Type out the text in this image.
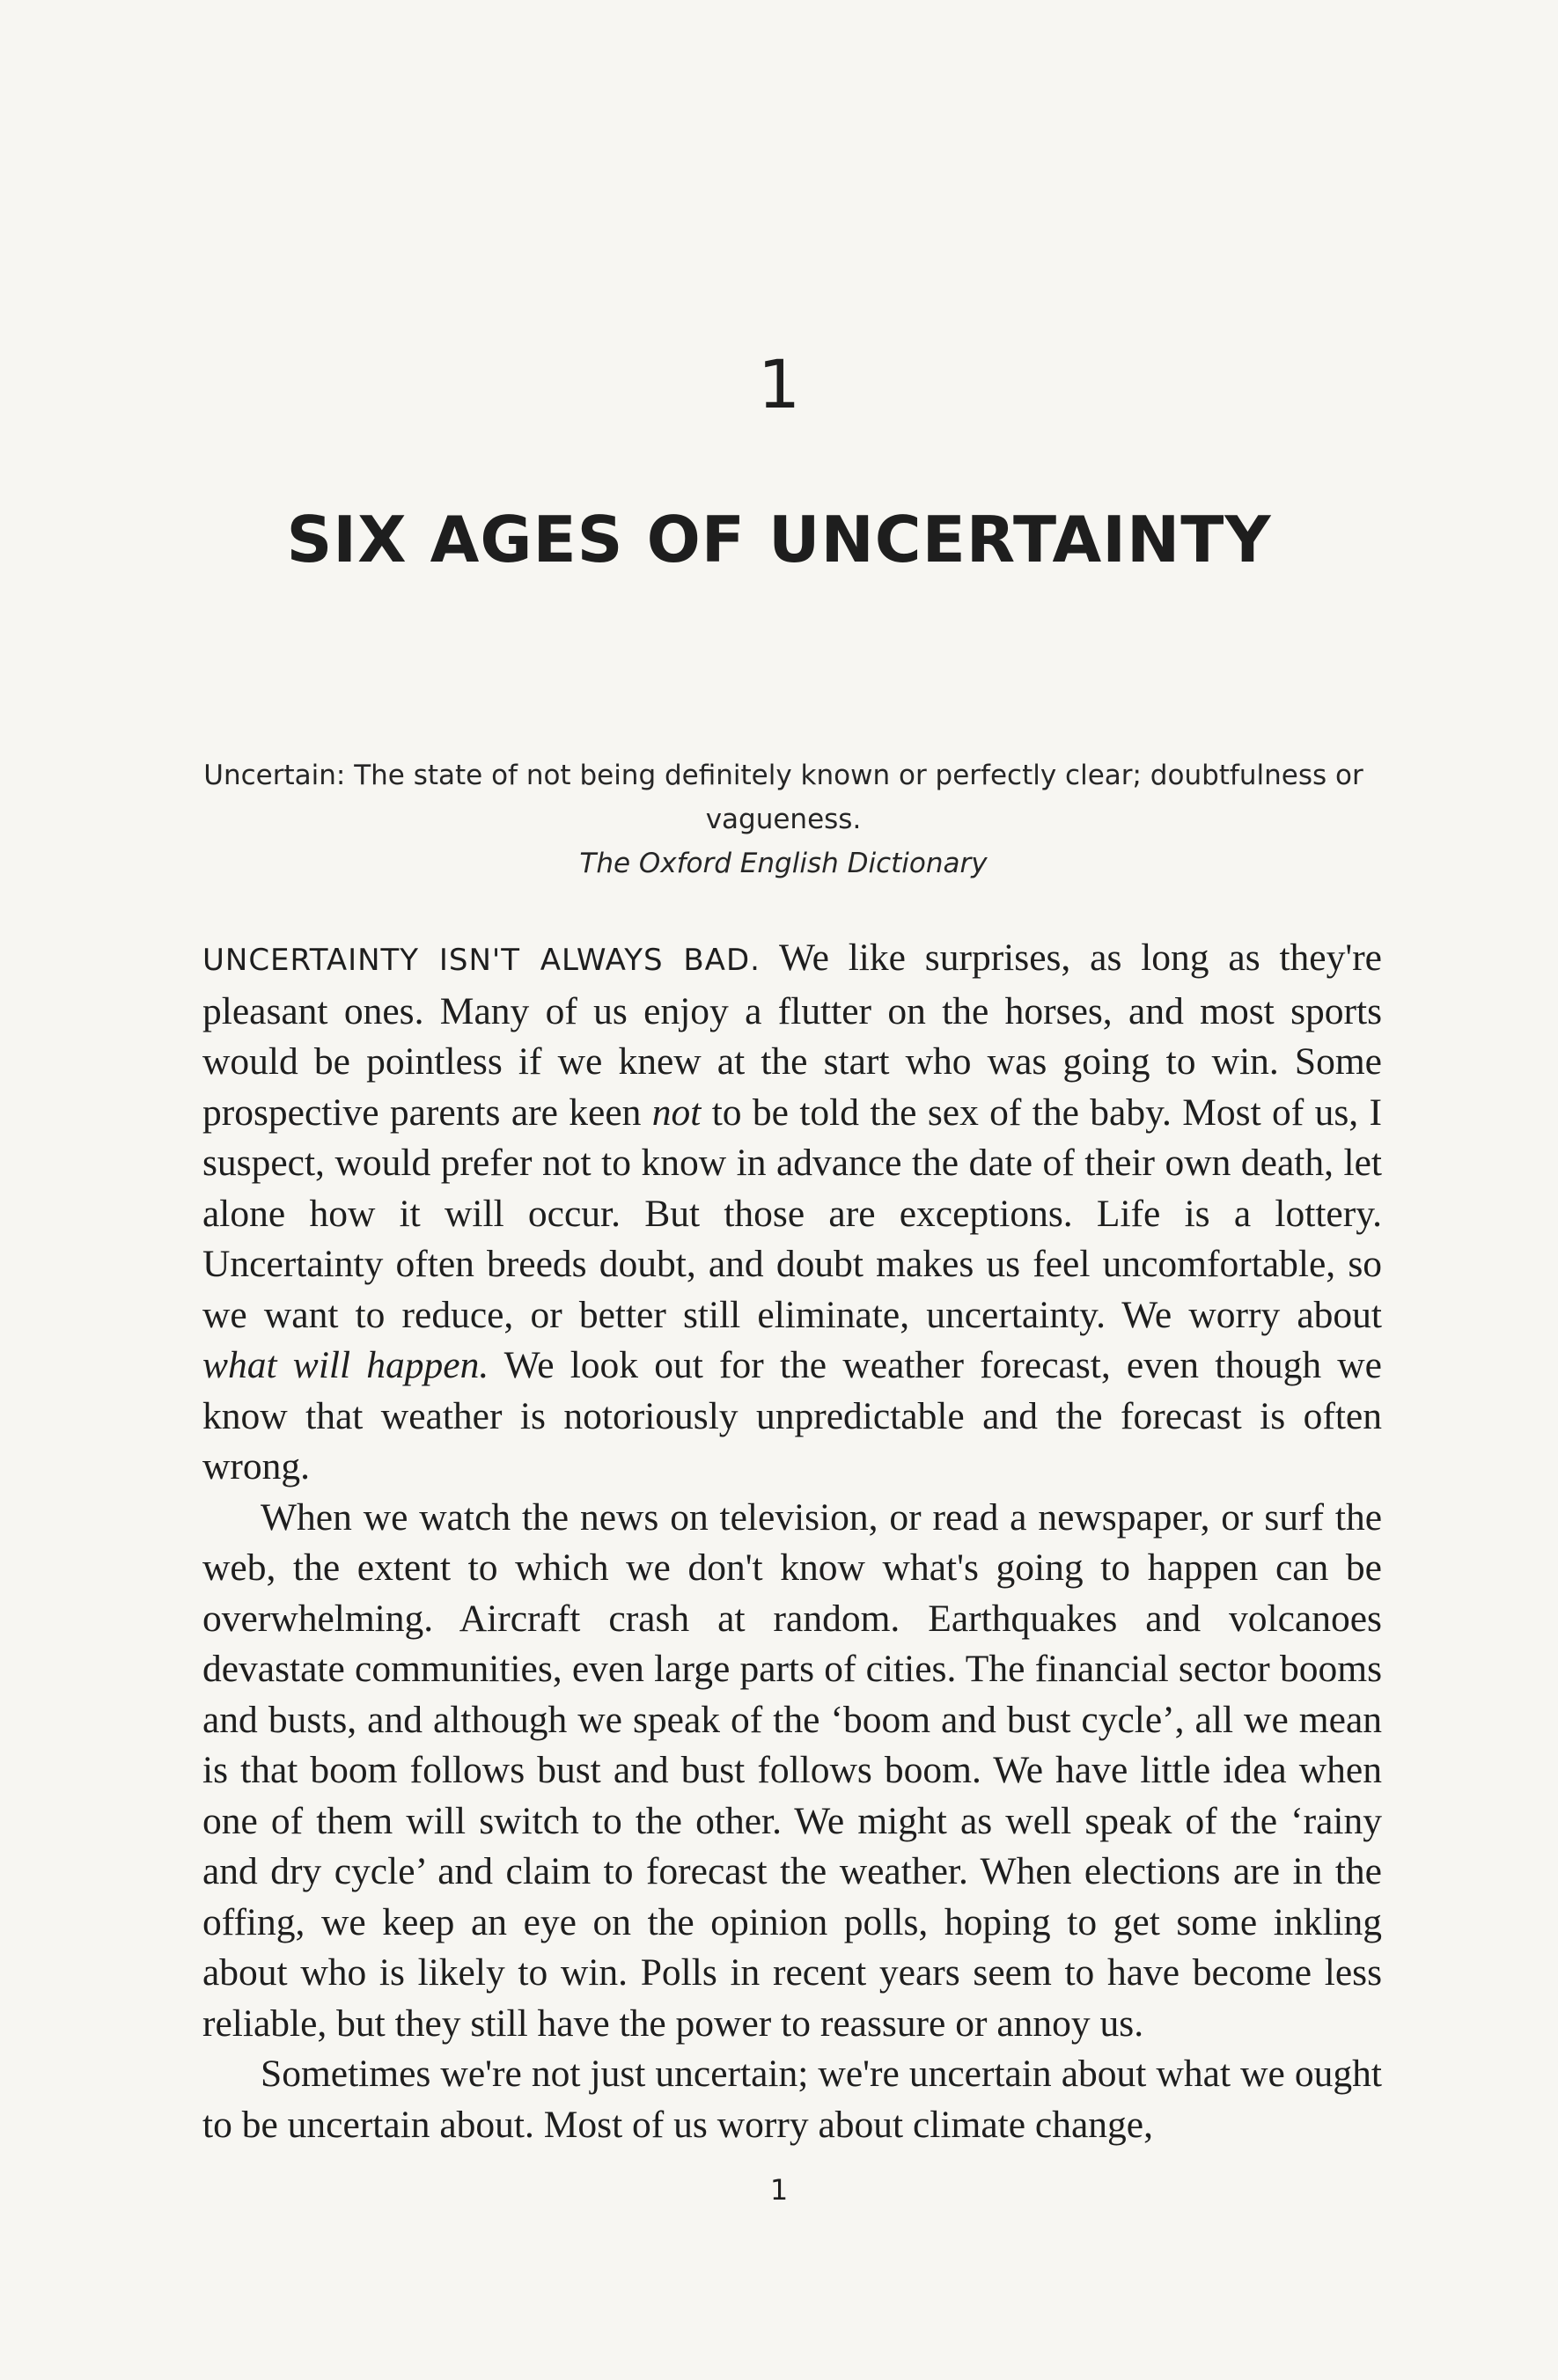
1
SIX AGES OF UNCERTAINTY
Uncertain: The state of not being definitely known or perfectly clear; doubtfulness or vagueness.
The Oxford English Dictionary

UNCERTAINTY ISN'T ALWAYS BAD. We like surprises, as long as they're pleasant ones. Many of us enjoy a flutter on the horses, and most sports would be pointless if we knew at the start who was going to win. Some prospective parents are keen not to be told the sex of the baby. Most of us, I suspect, would prefer not to know in advance the date of their own death, let alone how it will occur. But those are exceptions. Life is a lottery. Uncertainty often breeds doubt, and doubt makes us feel uncomfortable, so we want to reduce, or better still eliminate, uncertainty. We worry about what will happen. We look out for the weather forecast, even though we know that weather is notoriously unpredictable and the forecast is often wrong.

When we watch the news on television, or read a newspaper, or surf the web, the extent to which we don't know what's going to happen can be overwhelming. Aircraft crash at random. Earthquakes and volcanoes devastate communities, even large parts of cities. The financial sector booms and busts, and although we speak of the ‘boom and bust cycle’, all we mean is that boom follows bust and bust follows boom. We have little idea when one of them will switch to the other. We might as well speak of the ‘rainy and dry cycle’ and claim to forecast the weather. When elections are in the offing, we keep an eye on the opinion polls, hoping to get some inkling about who is likely to win. Polls in recent years seem to have become less reliable, but they still have the power to reassure or annoy us.

Sometimes we're not just uncertain; we're uncertain about what we ought to be uncertain about. Most of us worry about climate change,

1
